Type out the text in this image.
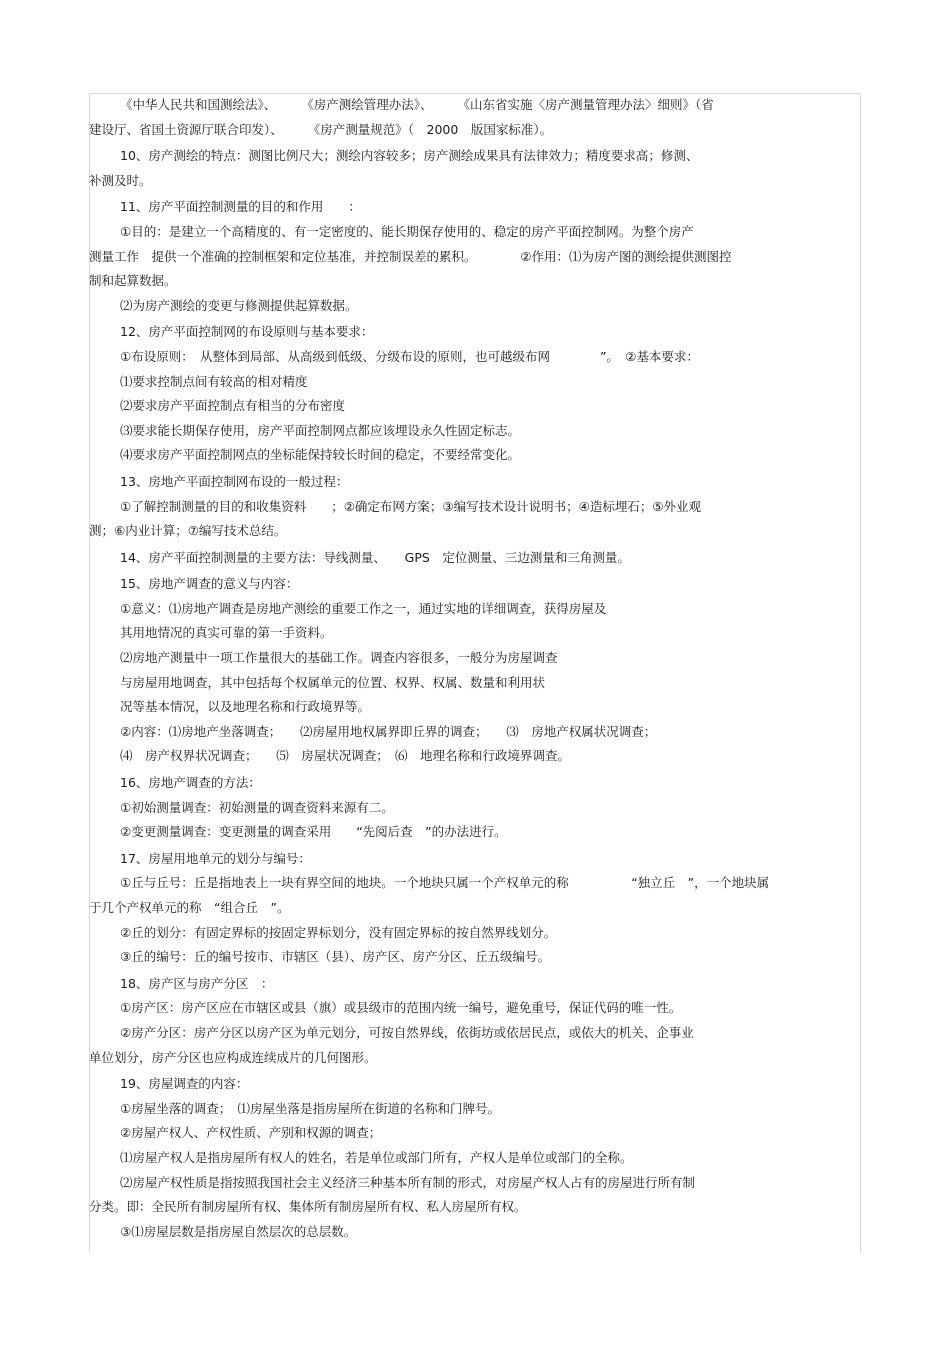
《中华人民共和国测绘法》、　　　《房产测绘管理办法》、　　　《山东省实施〈房产测量管理办法〉细则》（省
建设厅、省国土资源厅联合印发）、　　　《房产测量规范》（　2000　版国家标准）。
10、房产测绘的特点：测图比例尺大；测绘内容较多；房产测绘成果具有法律效力；精度要求高；修测、
补测及时。
11、房产平面控制测量的目的和作用　　：
①目的：是建立一个高精度的、有一定密度的、能长期保存使用的、稳定的房产平面控制网。为整个房产
测量工作　提供一个准确的控制框架和定位基准，并控制误差的累积。　　　　②作用：⑴为房产图的测绘提供测图控
制和起算数据。
⑵为房产测绘的变更与修测提供起算数据。
12、房产平面控制网的布设原则与基本要求：
①布设原则：　从整体到局部、从高级到低级、分级布设的原则，也可越级布网　　　　”。　②基本要求：
⑴要求控制点间有较高的相对精度
⑵要求房产平面控制点有相当的分布密度
⑶要求能长期保存使用，房产平面控制网点都应该埋设永久性固定标志。
⑷要求房产平面控制网点的坐标能保持较长时间的稳定，不要经常变化。
13、房地产平面控制网布设的一般过程：
①了解控制测量的目的和收集资料　　；②确定布网方案；③编写技术设计说明书；④造标埋石；⑤外业观
测；⑥内业计算；⑦编写技术总结。
14、房产平面控制测量的主要方法：导线测量、　　GPS　定位测量、三边测量和三角测量。
15、房地产调查的意义与内容：
①意义：⑴房地产调查是房地产测绘的重要工作之一，通过实地的详细调查，获得房屋及
其用地情况的真实可靠的第一手资料。
⑵房地产测量中一项工作量很大的基础工作。调查内容很多，一般分为房屋调查
与房屋用地调查，其中包括每个权属单元的位置、权界、权属、数量和利用状
况等基本情况，以及地理名称和行政境界等。
②内容：⑴房地产坐落调查；　　⑵房屋用地权属界即丘界的调查；　　⑶　房地产权属状况调查；
⑷　房产权界状况调查；　　⑸　房屋状况调查；　⑹　地理名称和行政境界调查。
16、房地产调查的方法：
①初始测量调查：初始测量的调查资料来源有二。
②变更测量调查：变更测量的调查采用　　“先阅后查　”的办法进行。
17、房屋用地单元的划分与编号：
①丘与丘号：丘是指地表上一块有界空间的地块。一个地块只属一个产权单元的称　　　　　“独立丘　”，一个地块属
于几个产权单元的称　“组合丘　”。
②丘的划分：有固定界标的按固定界标划分，没有固定界标的按自然界线划分。
③丘的编号：丘的编号按市、市辖区（县）、房产区、房产分区、丘五级编号。
18、房产区与房产分区　：
①房产区：房产区应在市辖区或县（旗）或县级市的范围内统一编号，避免重号，保证代码的唯一性。
②房产分区：房产分区以房产区为单元划分，可按自然界线，依街坊或依居民点，或依大的机关、企事业
单位划分，房产分区也应构成连续成片的几何图形。
19、房屋调查的内容：
①房屋坐落的调查；　⑴房屋坐落是指房屋所在街道的名称和门牌号。
②房屋产权人、产权性质、产别和权源的调查；
⑴房屋产权人是指房屋所有权人的姓名，若是单位或部门所有，产权人是单位或部门的全称。
⑵房屋产权性质是指按照我国社会主义经济三种基本所有制的形式，对房屋产权人占有的房屋进行所有制
分类。即：全民所有制房屋所有权、集体所有制房屋所有权、私人房屋所有权。
③⑴房屋层数是指房屋自然层次的总层数。
